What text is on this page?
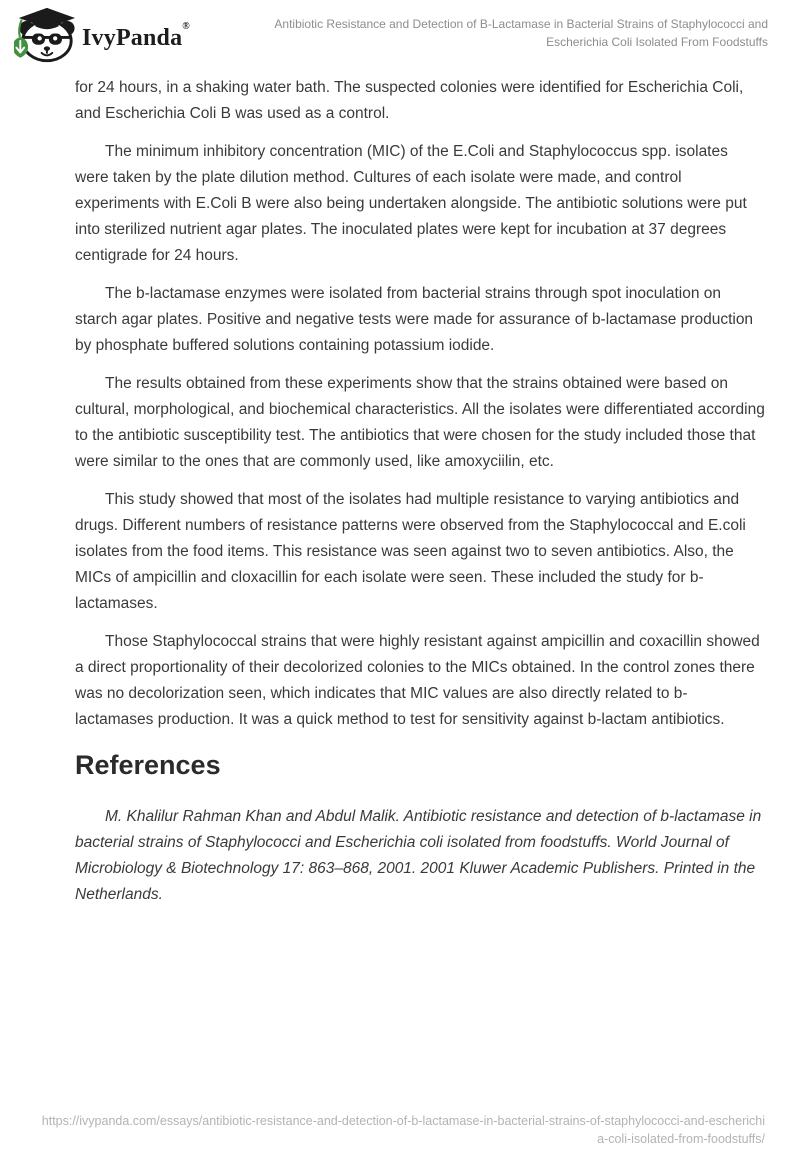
IvyPanda®	Antibiotic Resistance and Detection of B-Lactamase in Bacterial Strains of Staphylococci and
Escherichia Coli Isolated From Foodstuffs

for 24 hours, in a shaking water bath. The suspected colonies were identified for Escherichia Coli, and Escherichia Coli B was used as a control.

The minimum inhibitory concentration (MIC) of the E.Coli and Staphylococcus spp. isolates were taken by the plate dilution method. Cultures of each isolate were made, and control experiments with E.Coli B were also being undertaken alongside. The antibiotic solutions were put into sterilized nutrient agar plates. The inoculated plates were kept for incubation at 37 degrees centigrade for 24 hours.

The b-lactamase enzymes were isolated from bacterial strains through spot inoculation on starch agar plates. Positive and negative tests were made for assurance of b-lactamase production by phosphate buffered solutions containing potassium iodide.

The results obtained from these experiments show that the strains obtained were based on cultural, morphological, and biochemical characteristics. All the isolates were differentiated according to the antibiotic susceptibility test. The antibiotics that were chosen for the study included those that were similar to the ones that are commonly used, like amoxyciilin, etc.

This study showed that most of the isolates had multiple resistance to varying antibiotics and drugs. Different numbers of resistance patterns were observed from the Staphylococcal and E.coli isolates from the food items. This resistance was seen against two to seven antibiotics. Also, the MICs of ampicillin and cloxacillin for each isolate were seen. These included the study for b-lactamases.

Those Staphylococcal strains that were highly resistant against ampicillin and coxacillin showed a direct proportionality of their decolorized colonies to the MICs obtained. In the control zones there was no decolorization seen, which indicates that MIC values are also directly related to b-lactamases production. It was a quick method to test for sensitivity against b-lactam antibiotics.

References

M. Khalilur Rahman Khan and Abdul Malik. Antibiotic resistance and detection of b-lactamase in bacterial strains of Staphylococci and Escherichia coli isolated from foodstuffs. World Journal of Microbiology & Biotechnology 17: 863–868, 2001. 2001 Kluwer Academic Publishers. Printed in the Netherlands.

https://ivypanda.com/essays/antibiotic-resistance-and-detection-of-b-lactamase-in-bacterial-strains-of-staphylococci-and-escherichia-coli-isolated-from-foodstuffs/
